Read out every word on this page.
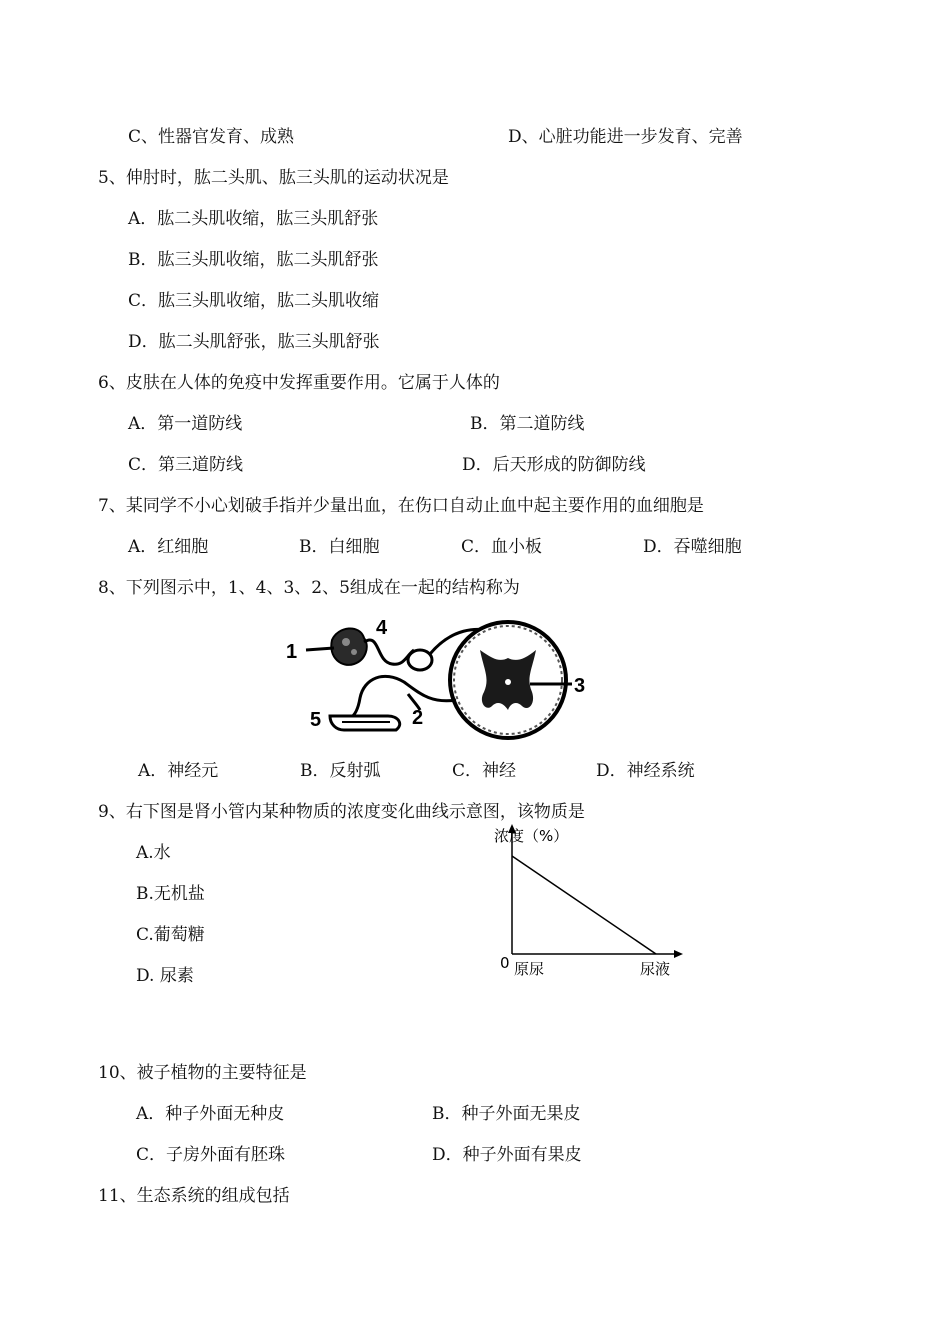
C、性器官发育、成熟	D、心脏功能进一步发育、完善
5、伸肘时，肱二头肌、肱三头肌的运动状况是
A．肱二头肌收缩，肱三头肌舒张
B．肱三头肌收缩，肱二头肌舒张
C．肱三头肌收缩，肱二头肌收缩
D．肱二头肌舒张，肱三头肌舒张
6、皮肤在人体的免疫中发挥重要作用。它属于人体的
A．第一道防线	B．第二道防线
C．第三道防线	D．后天形成的防御防线
7、某同学不小心划破手指并少量出血，在伤口自动止血中起主要作用的血细胞是
A．红细胞	B．白细胞	C．血小板	D．吞噬细胞
8、下列图示中，1、4、3、2、5组成在一起的结构称为
1
4
3
2
5
A．神经元	B．反射弧	C．神经	D．神经系统
9、右下图是肾小管内某种物质的浓度变化曲线示意图，该物质是
A.水
B.无机盐
C.葡萄糖
D. 尿素
浓度（%）
0 原尿	尿液
10、被子植物的主要特征是
A．种子外面无种皮	B．种子外面无果皮
C．子房外面有胚珠	D．种子外面有果皮
11、生态系统的组成包括
